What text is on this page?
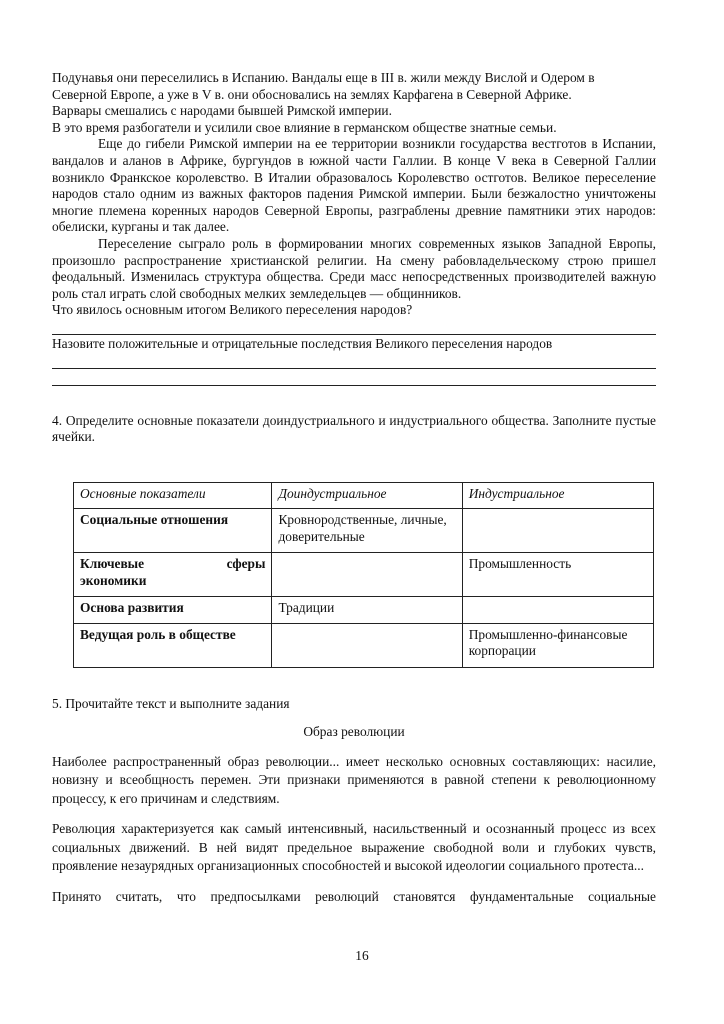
Подунавья они переселились в Испанию. Вандалы еще в III в. жили между Вислой и Одером в

Северной Европе, а уже в V в. они обосновались на землях Карфагена в Северной Африке.

Варвары смешались с народами бывшей Римской империи.

В это время разбогатели и усилили свое влияние в германском обществе знатные семьи.

Еще до гибели Римской империи на ее территории возникли государства вестготов в Испании, вандалов и аланов в Африке, бургундов в южной части Галлии. В конце V века в Северной Галлии возникло Франкское королевство. В Италии образовалось Королевство остготов. Великое переселение народов стало одним из важных факторов падения Римской империи. Были безжалостно уничтожены многие племена коренных народов Северной Европы, разграблены древние памятники этих народов: обелиски, курганы и так далее.

Переселение сыграло роль в формировании многих современных языков Западной Европы, произошло распространение христианской религии. На смену рабовладельческому строю пришел феодальный. Изменилась структура общества. Среди масс непосредственных производителей важную роль стал играть слой свободных мелких земледельцев — общинников.

Что явилось основным итогом Великого переселения народов?

Назовите положительные и отрицательные последствия Великого переселения народов

4. Определите основные показатели доиндустриального и индустриального общества. Заполните пустые ячейки.

Основные показатели	Доиндустриальное	Индустриальное
Социальные отношения	Кровнородственные, личные, доверительные	

Ключевые сферы
экономики		Промышленность
Основа развития	Традиции	
Ведущая роль в обществе		Промышленно-финансовые корпорации

5. Прочитайте текст и выполните задания

Образ революции

Наиболее распространенный образ революции... имеет несколько основных составляющих: насилие, новизну и всеобщность перемен. Эти признаки применяются в равной степени к революционному процессу, к его причинам и следствиям.

Революция характеризуется как самый интенсивный, насильственный и осознанный процесс из всех социальных движений. В ней видят предельное выражение свободной воли и глубоких чувств, проявление незаурядных организационных способностей и высокой идеологии социального протеста...

Принято считать, что предпосылками революций становятся фундаментальные социальные

16
